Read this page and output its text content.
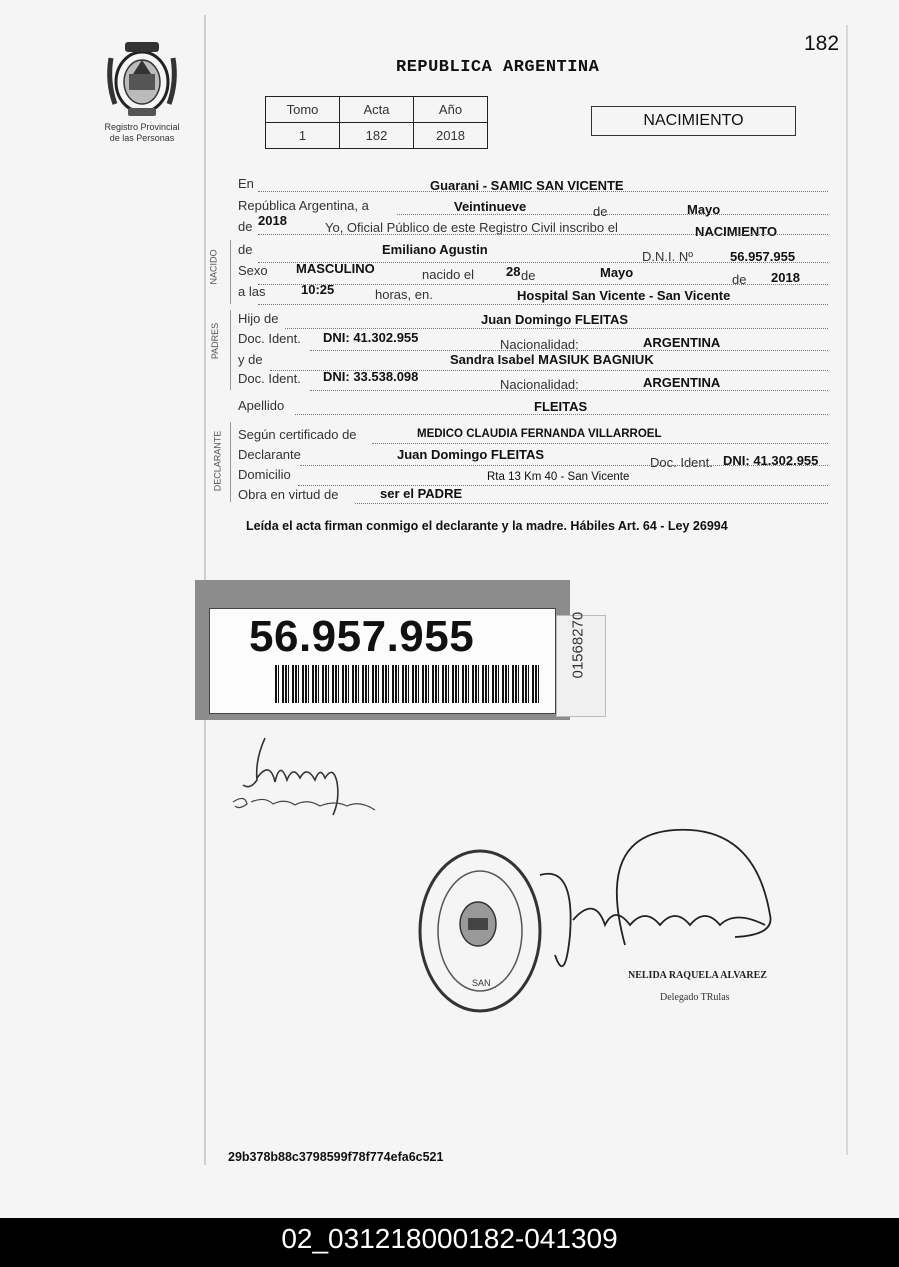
Registro Provincial
de las Personas
REPUBLICA ARGENTINA
182
Tomo	Acta	Año
1	182	2018
NACIMIENTO
En	Guarani - SAMIC SAN VICENTE
República Argentina, a	Veintinueve	de	Mayo
de 2018	Yo, Oficial Público de este Registro Civil inscribo el	NACIMIENTO
NACIDO de	Emiliano Agustin	D.N.I. Nº	56.957.955
Sexo MASCULINO	nacido el 28 de	Mayo	de 2018
a las	10:25	horas, en.	Hospital San Vicente - San Vicente
PADRES
Hijo de	Juan Domingo FLEITAS
Doc. Ident. DNI: 41.302.955	Nacionalidad:	ARGENTINA
y de	Sandra Isabel MASIUK BAGNIUK
Doc. Ident. DNI: 33.538.098
Nacionalidad:	ARGENTINA
Apellido	FLEITAS
DECLARANTE Según certificado de	MEDICO CLAUDIA FERNANDA VILLARROEL
Declarante	Juan Domingo FLEITAS
Doc. Ident. DNI: 41.302.955
Domicilio	Rta 13 Km 40 - San Vicente
Obra en virtud de	ser el PADRE
Leída el acta firman conmigo el declarante y la madre. Hábiles Art. 64 - Ley 26994
56.957.955	01568270
SAN
NELIDA RAQUELA ALVAREZ
Delegado TRulas
29b378b88c3798599f78f774efa6c521
02_031218000182-041309
